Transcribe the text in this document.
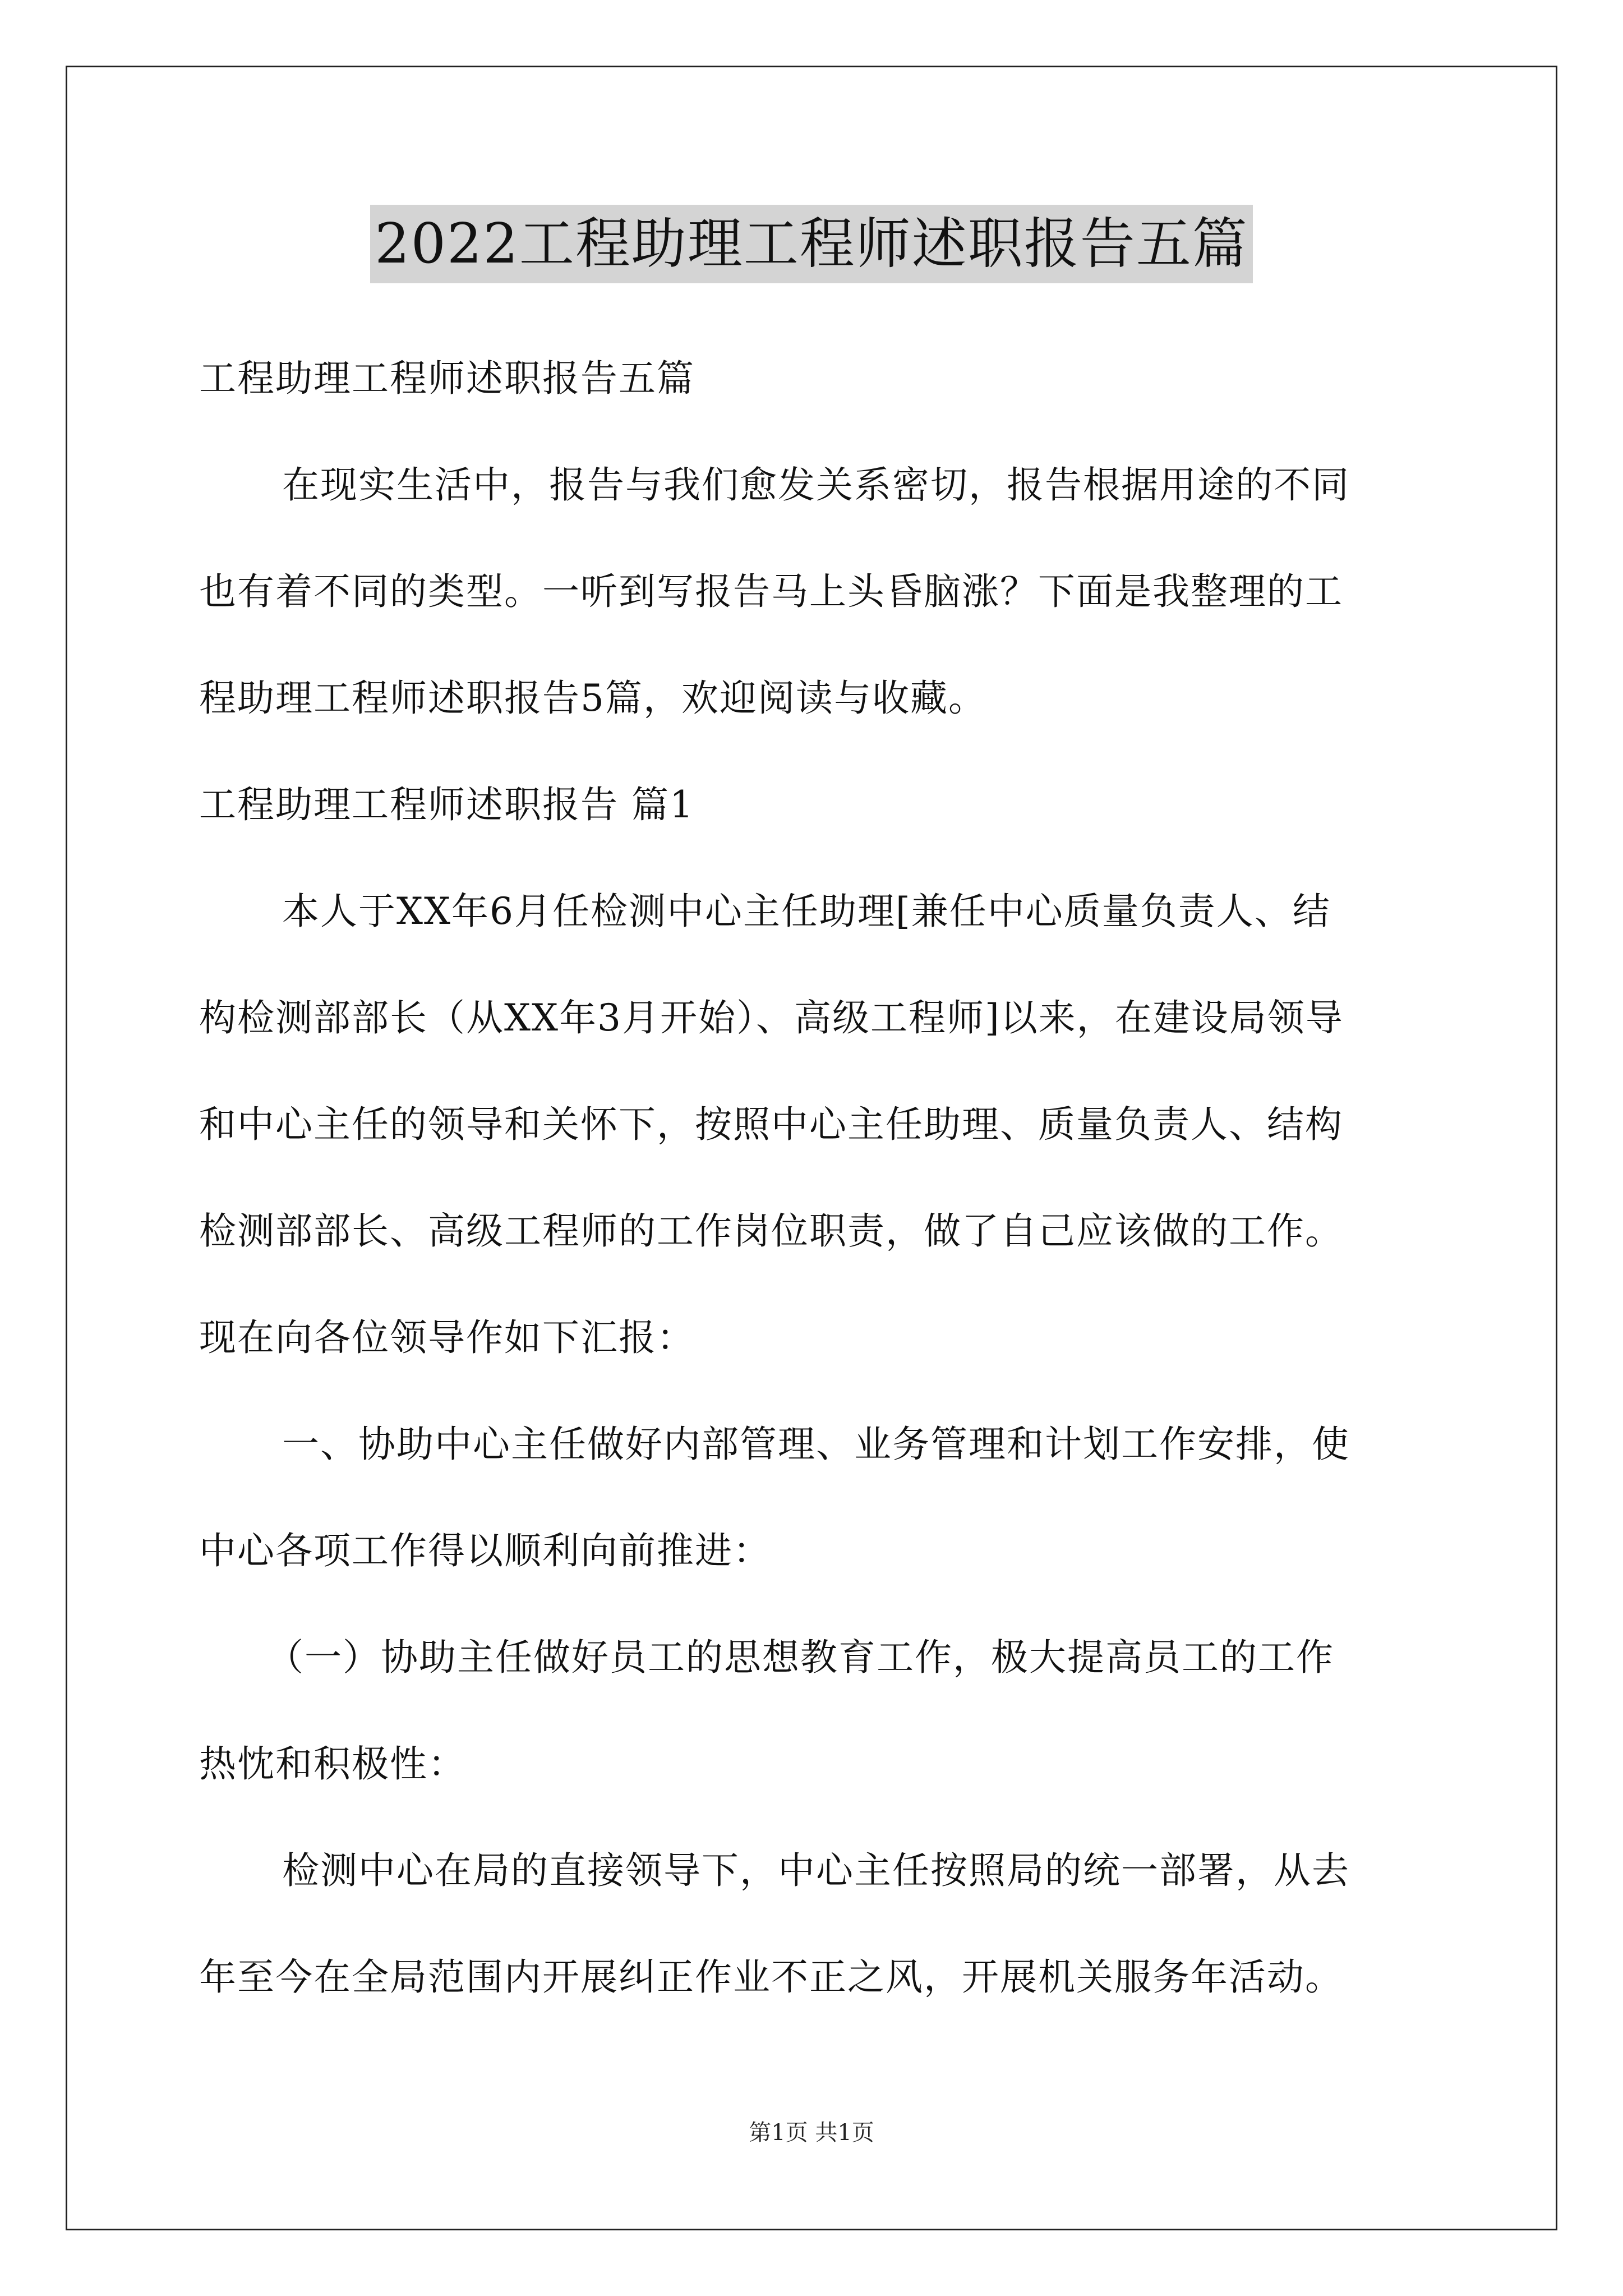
2022工程助理工程师述职报告五篇
工程助理工程师述职报告五篇
在现实生活中，报告与我们愈发关系密切，报告根据用途的不同
也有着不同的类型。一听到写报告马上头昏脑涨？下面是我整理的工
程助理工程师述职报告5篇，欢迎阅读与收藏。
工程助理工程师述职报告 篇1
本人于XX年6月任检测中心主任助理[兼任中心质量负责人、结
构检测部部长（从XX年3月开始）、高级工程师]以来，在建设局领导
和中心主任的领导和关怀下，按照中心主任助理、质量负责人、结构
检测部部长、高级工程师的工作岗位职责，做了自己应该做的工作。
现在向各位领导作如下汇报：
一、协助中心主任做好内部管理、业务管理和计划工作安排，使
中心各项工作得以顺利向前推进：
（一）协助主任做好员工的思想教育工作，极大提高员工的工作
热忱和积极性：
检测中心在局的直接领导下，中心主任按照局的统一部署，从去
年至今在全局范围内开展纠正作业不正之风，开展机关服务年活动。
第1页 共1页
